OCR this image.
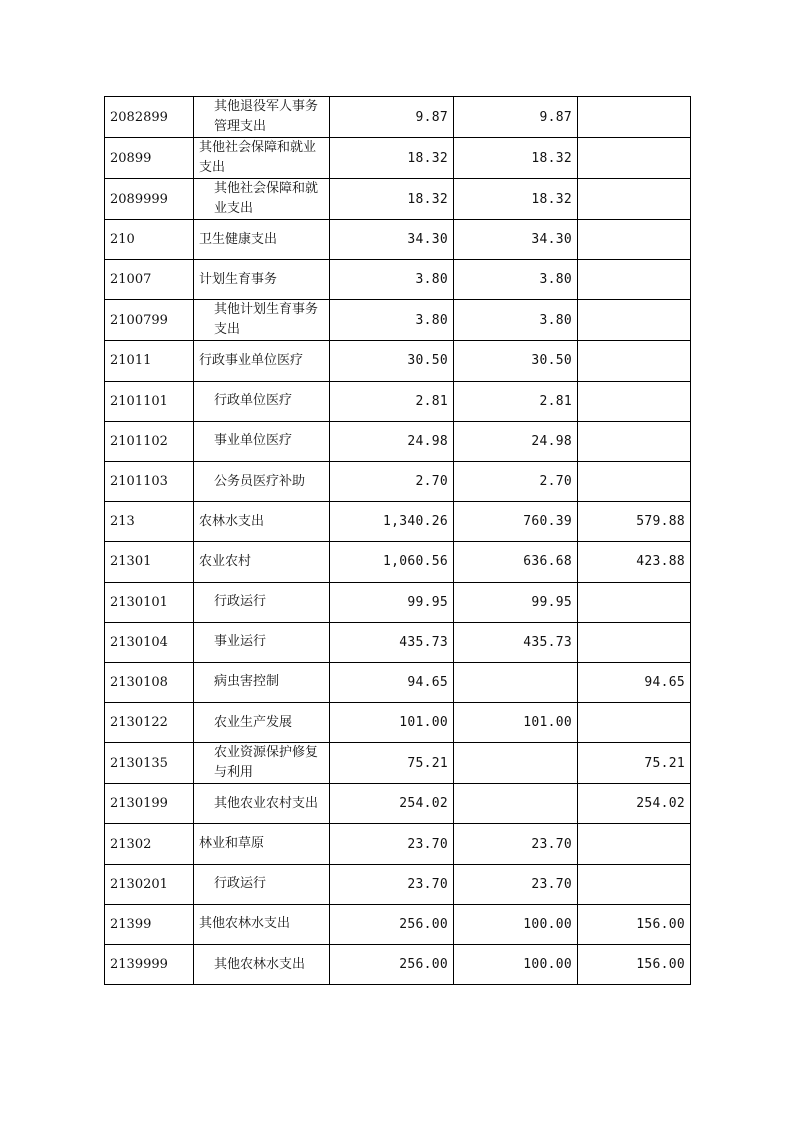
2082899	其他退役军人事务管理支出	9.87	9.87	
20899	其他社会保障和就业支出	18.32	18.32	
2089999	其他社会保障和就业支出	18.32	18.32	
210	卫生健康支出	34.30	34.30	
21007	计划生育事务	3.80	3.80	
2100799	其他计划生育事务支出	3.80	3.80	
21011	行政事业单位医疗	30.50	30.50	
2101101	行政单位医疗	2.81	2.81	
2101102	事业单位医疗	24.98	24.98	
2101103	公务员医疗补助	2.70	2.70	
213	农林水支出	1,340.26	760.39	579.88
21301	农业农村	1,060.56	636.68	423.88
2130101	行政运行	99.95	99.95	
2130104	事业运行	435.73	435.73	
2130108	病虫害控制	94.65		94.65
2130122	农业生产发展	101.00	101.00	
2130135	农业资源保护修复与利用	75.21		75.21
2130199	其他农业农村支出	254.02		254.02
21302	林业和草原	23.70	23.70	
2130201	行政运行	23.70	23.70	
21399	其他农林水支出	256.00	100.00	156.00
2139999	其他农林水支出	256.00	100.00	156.00
